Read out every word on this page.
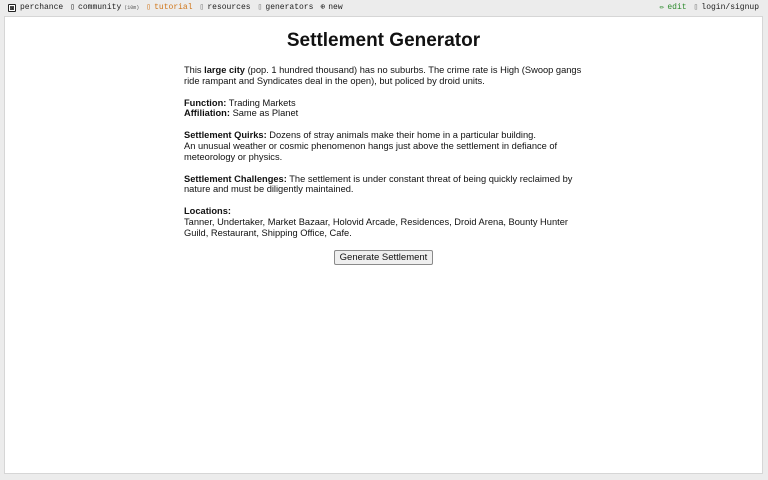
perchance ▯ community (10m) ▯ tutorial ▯ resources ▯ generators ⊕ new	✏ edit ▯ login/signup
Settlement Generator

This large city (pop. 1 hundred thousand) has no suburbs. The crime rate is High (Swoop gangs ride rampant and Syndicates deal in the open), but policed by droid units.

Function: Trading Markets
Affiliation: Same as Planet

Settlement Quirks: Dozens of stray animals make their home in a particular building.
An unusual weather or cosmic phenomenon hangs just above the settlement in defiance of meteorology or physics.

Settlement Challenges: The settlement is under constant threat of being quickly reclaimed by nature and must be diligently maintained.

Locations:
Tanner, Undertaker, Market Bazaar, Holovid Arcade, Residences, Droid Arena, Bounty Hunter Guild, Restaurant, Shipping Office, Cafe.

Generate Settlement
